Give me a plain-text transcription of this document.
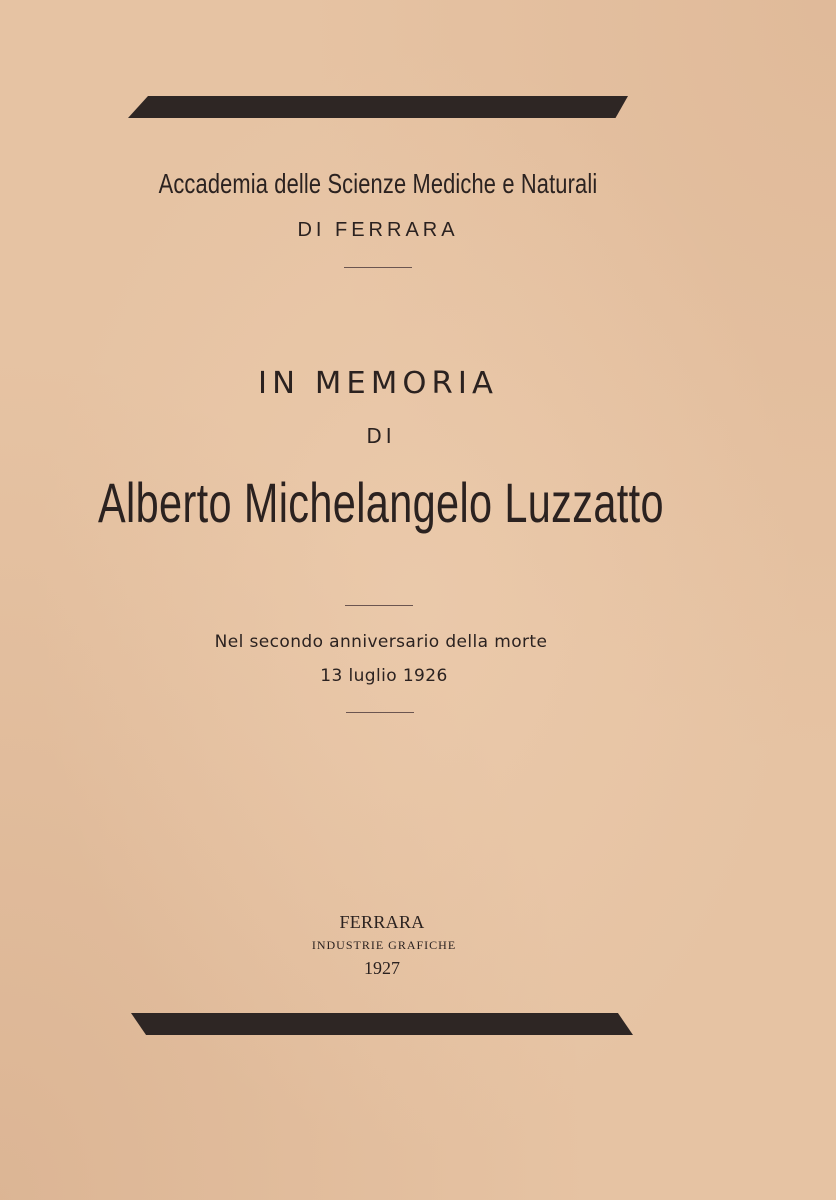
Accademia delle Scienze Mediche e Naturali
DI FERRARA
IN MEMORIA
DI
Alberto Michelangelo Luzzatto
Nel secondo anniversario della morte
13 luglio 1926
FERRARA
INDUSTRIE GRAFICHE
1927
